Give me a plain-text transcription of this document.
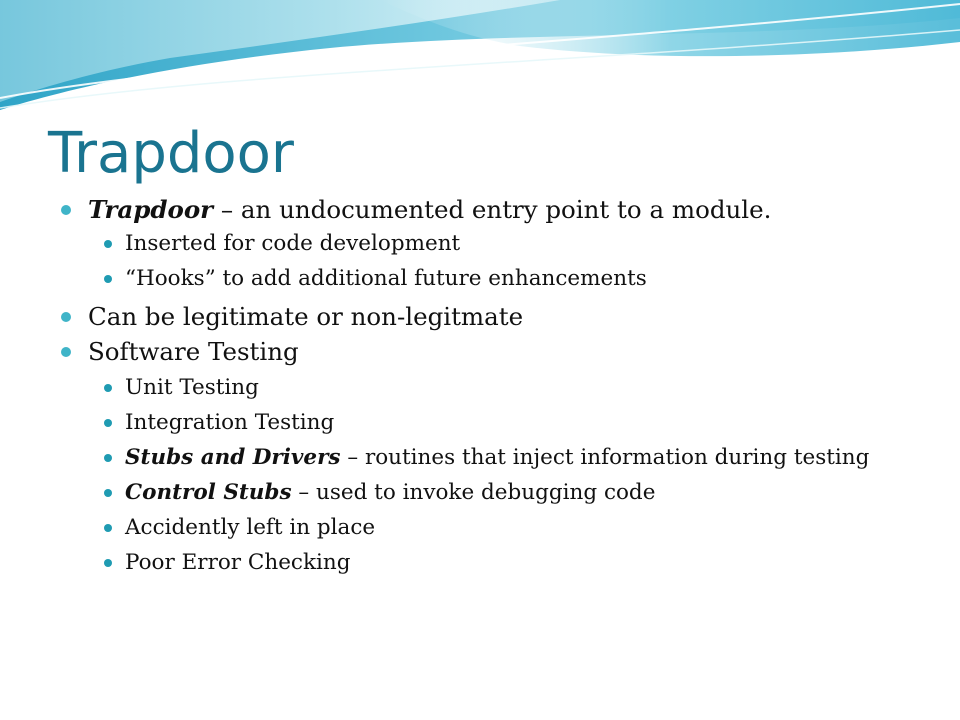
Trapdoor
Trapdoor – an undocumented entry point to a module.
Inserted for code development
“Hooks” to add additional future enhancements
Can be legitimate or non-legitmate
Software Testing
Unit Testing
Integration Testing
Stubs and Drivers – routines that inject information during testing
Control Stubs – used to invoke debugging code
Accidently left in place
Poor Error Checking
